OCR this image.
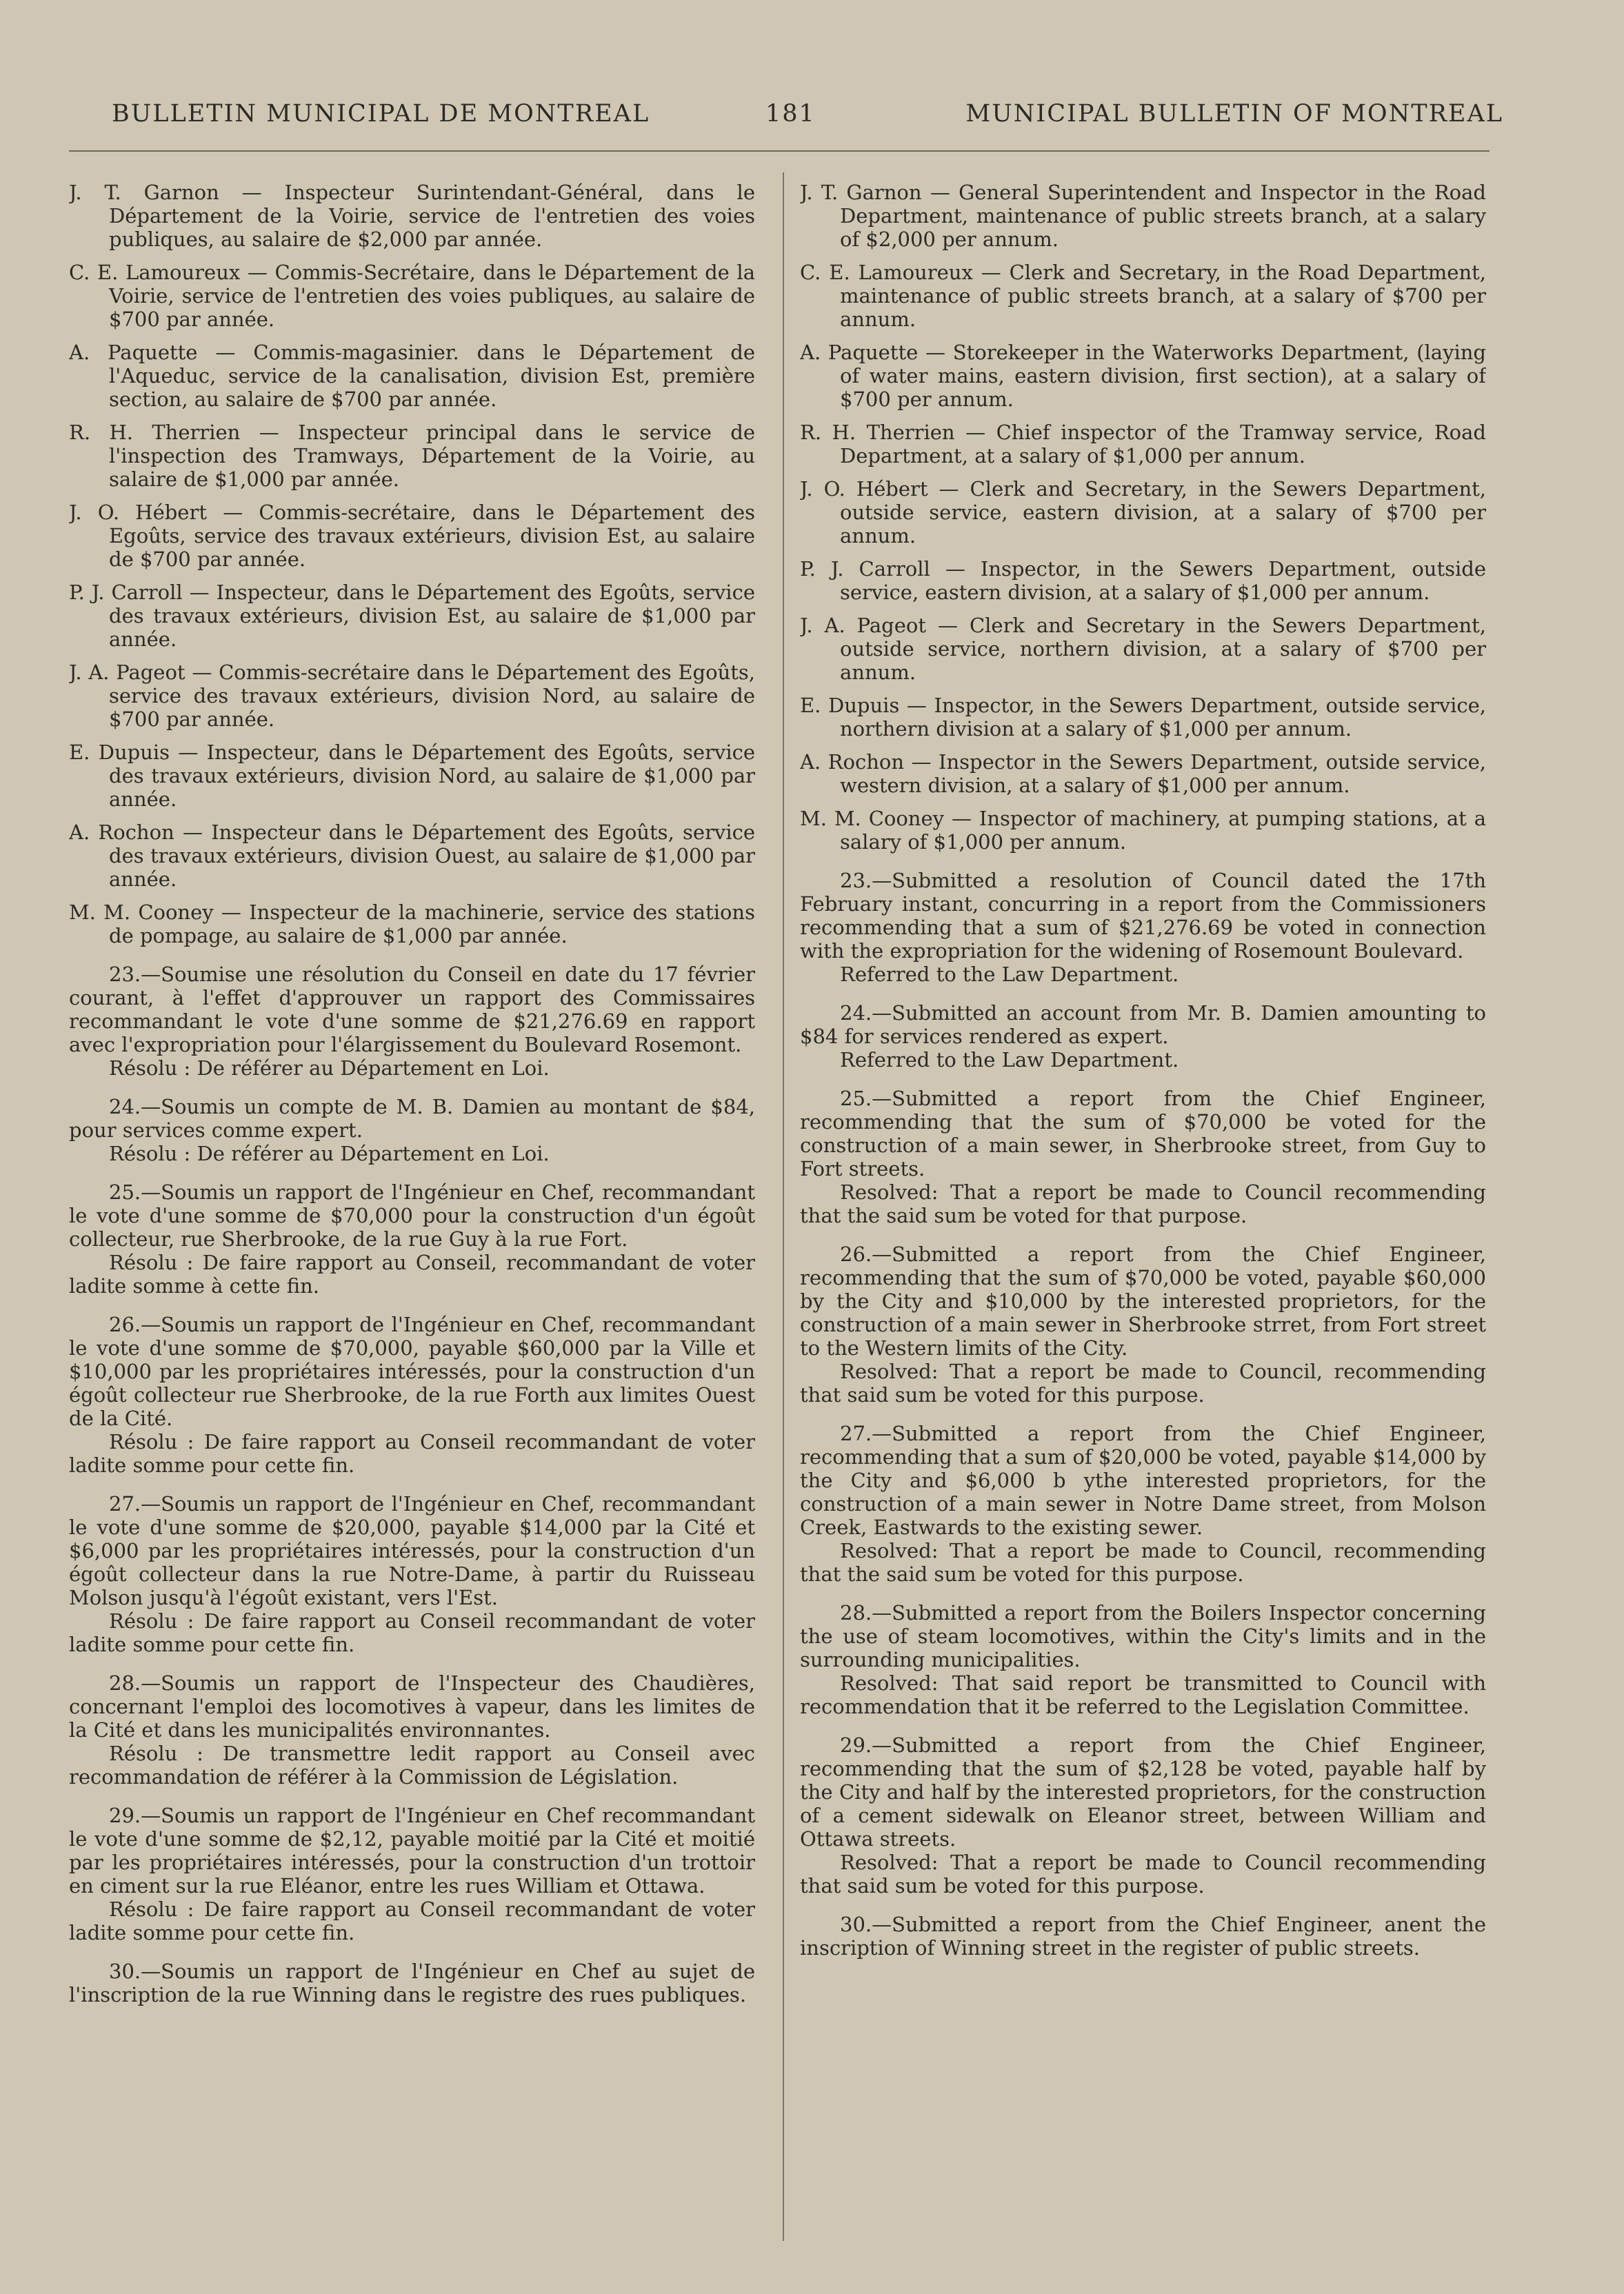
BULLETIN MUNICIPAL DE MONTREAL	181	MUNICIPAL BULLETIN OF MONTREAL

J. T. Garnon — Inspecteur Surintendant-Général, dans le Département de la Voirie, service de l'entretien des voies publiques, au salaire de $2,000 par année.

C. E. Lamoureux — Commis-Secrétaire, dans le Département de la Voirie, service de l'entretien des voies publiques, au salaire de $700 par année.

A. Paquette — Commis-magasinier. dans le Département de l'Aqueduc, service de la canalisation, division Est, première section, au salaire de $700 par année.

R. H. Therrien — Inspecteur principal dans le service de l'inspection des Tramways, Département de la Voirie, au salaire de $1,000 par année.

J. O. Hébert — Commis-secrétaire, dans le Département des Egoûts, service des travaux extérieurs, division Est, au salaire de $700 par année.

P. J. Carroll — Inspecteur, dans le Département des Egoûts, service des travaux extérieurs, division Est, au salaire de $1,000 par année.

J. A. Pageot — Commis-secrétaire dans le Département des Egoûts, service des travaux extérieurs, division Nord, au salaire de $700 par année.

E. Dupuis — Inspecteur, dans le Département des Egoûts, service des travaux extérieurs, division Nord, au salaire de $1,000 par année.

A. Rochon — Inspecteur dans le Département des Egoûts, service des travaux extérieurs, division Ouest, au salaire de $1,000 par année.

M. M. Cooney — Inspecteur de la machinerie, service des stations de pompage, au salaire de $1,000 par année.

23.—Soumise une résolution du Conseil en date du 17 février courant, à l'effet d'approuver un rapport des Commissaires recommandant le vote d'une somme de $21,276.69 en rapport avec l'expropriation pour l'élargissement du Boulevard Rosemont.

Résolu : De référer au Département en Loi.

24.—Soumis un compte de M. B. Damien au montant de $84, pour services comme expert.

Résolu : De référer au Département en Loi.

25.—Soumis un rapport de l'Ingénieur en Chef, recommandant le vote d'une somme de $70,000 pour la construction d'un égoût collecteur, rue Sherbrooke, de la rue Guy à la rue Fort.

Résolu : De faire rapport au Conseil, recommandant de voter ladite somme à cette fin.

26.—Soumis un rapport de l'Ingénieur en Chef, recommandant le vote d'une somme de $70,000, payable $60,000 par la Ville et $10,000 par les propriétaires intéressés, pour la construction d'un égoût collecteur rue Sherbrooke, de la rue Forth aux limites Ouest de la Cité.

Résolu : De faire rapport au Conseil recommandant de voter ladite somme pour cette fin.

27.—Soumis un rapport de l'Ingénieur en Chef, recommandant le vote d'une somme de $20,000, payable $14,000 par la Cité et $6,000 par les propriétaires intéressés, pour la construction d'un égoût collecteur dans la rue Notre-Dame, à partir du Ruisseau Molson jusqu'à l'égoût existant, vers l'Est.

Résolu : De faire rapport au Conseil recommandant de voter ladite somme pour cette fin.

28.—Soumis un rapport de l'Inspecteur des Chaudières, concernant l'emploi des locomotives à vapeur, dans les limites de la Cité et dans les municipalités environnantes.

Résolu : De transmettre ledit rapport au Conseil avec recommandation de référer à la Commission de Législation.

29.—Soumis un rapport de l'Ingénieur en Chef recommandant le vote d'une somme de $2,12, payable moitié par la Cité et moitié par les propriétaires intéressés, pour la construction d'un trottoir en ciment sur la rue Eléanor, entre les rues William et Ottawa.

Résolu : De faire rapport au Conseil recommandant de voter ladite somme pour cette fin.

30.—Soumis un rapport de l'Ingénieur en Chef au sujet de l'inscription de la rue Winning dans le registre des rues publiques.

J. T. Garnon — General Superintendent and Inspector in the Road Department, maintenance of public streets branch, at a salary of $2,000 per annum.

C. E. Lamoureux — Clerk and Secretary, in the Road Department, maintenance of public streets branch, at a salary of $700 per annum.

A. Paquette — Storekeeper in the Waterworks Department, (laying of water mains, eastern division, first section), at a salary of $700 per annum.

R. H. Therrien — Chief inspector of the Tramway service, Road Department, at a salary of $1,000 per annum.

J. O. Hébert — Clerk and Secretary, in the Sewers Department, outside service, eastern division, at a salary of $700 per annum.

P. J. Carroll — Inspector, in the Sewers Department, outside service, eastern division, at a salary of $1,000 per annum.

J. A. Pageot — Clerk and Secretary in the Sewers Department, outside service, northern division, at a salary of $700 per annum.

E. Dupuis — Inspector, in the Sewers Department, outside service, northern division at a salary of $1,000 per annum.

A. Rochon — Inspector in the Sewers Department, outside service, western division, at a salary of $1,000 per annum.

M. M. Cooney — Inspector of machinery, at pumping stations, at a salary of $1,000 per annum.

23.—Submitted a resolution of Council dated the 17th February instant, concurring in a report from the Commissioners recommending that a sum of $21,276.69 be voted in connection with the expropriation for the widening of Rosemount Boulevard.

Referred to the Law Department.

24.—Submitted an account from Mr. B. Damien amounting to $84 for services rendered as expert.

Referred to the Law Department.

25.—Submitted a report from the Chief Engineer, recommending that the sum of $70,000 be voted for the construction of a main sewer, in Sherbrooke street, from Guy to Fort streets.

Resolved: That a report be made to Council recommending that the said sum be voted for that purpose.

26.—Submitted a report from the Chief Engineer, recommending that the sum of $70,000 be voted, payable $60,000 by the City and $10,000 by the interested proprietors, for the construction of a main sewer in Sherbrooke strret, from Fort street to the Western limits of the City.

Resolved: That a report be made to Council, recommending that said sum be voted for this purpose.

27.—Submitted a report from the Chief Engineer, recommending that a sum of $20,000 be voted, payable $14,000 by the City and $6,000 b ythe interested proprietors, for the construction of a main sewer in Notre Dame street, from Molson Creek, Eastwards to the existing sewer.

Resolved: That a report be made to Council, recommending that the said sum be voted for this purpose.

28.—Submitted a report from the Boilers Inspector concerning the use of steam locomotives, within the City's limits and in the surrounding municipalities.

Resolved: That said report be transmitted to Council with recommendation that it be referred to the Legislation Committee.

29.—Submitted a report from the Chief Engineer, recommending that the sum of $2,128 be voted, payable half by the City and half by the interested proprietors, for the construction of a cement sidewalk on Eleanor street, between William and Ottawa streets.

Resolved: That a report be made to Council recommending that said sum be voted for this purpose.

30.—Submitted a report from the Chief Engineer, anent the inscription of Winning street in the register of public streets.
